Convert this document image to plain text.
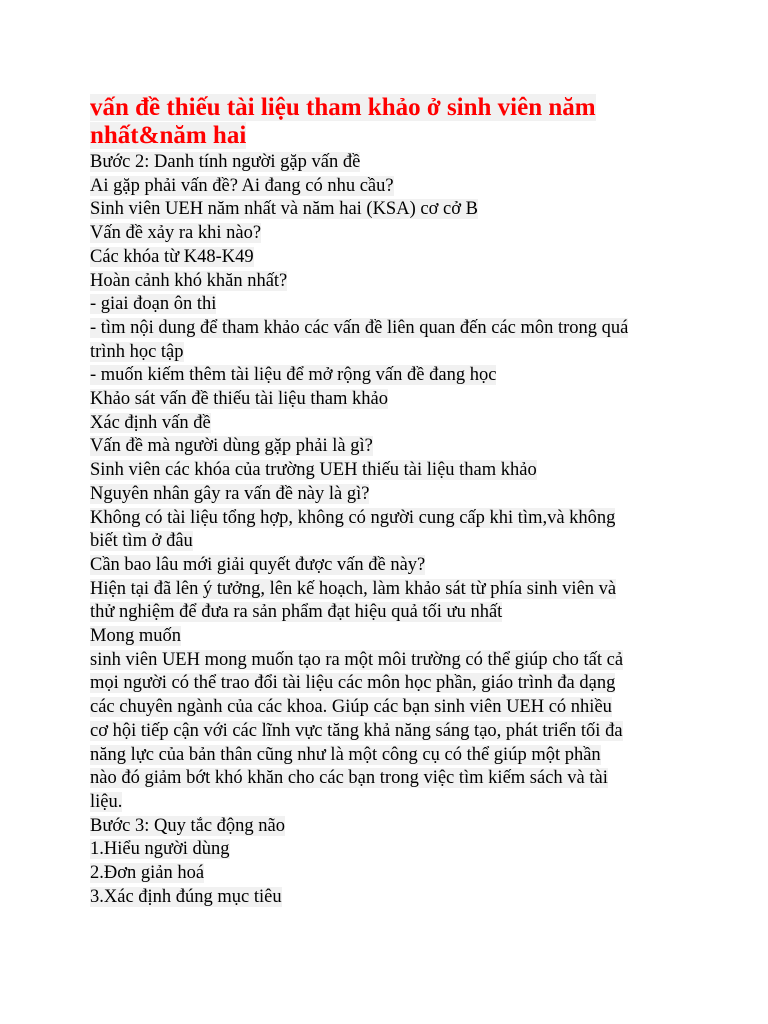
vấn đề thiếu tài liệu tham khảo ở sinh viên năm
nhất&năm hai
Bước 2: Danh tính người gặp vấn đề
Ai gặp phải vấn đề? Ai đang có nhu cầu?
Sinh viên UEH năm nhất và năm hai (KSA) cơ cở B
Vấn đề xảy ra khi nào?
Các khóa từ K48-K49
Hoàn cảnh khó khăn nhất?
- giai đoạn ôn thi
- tìm nội dung để tham khảo các vấn đề liên quan đến các môn trong quá
trình học tập
- muốn kiếm thêm tài liệu để mở rộng vấn đề đang học
Khảo sát vấn đề thiếu tài liệu tham khảo
Xác định vấn đề
Vấn đề mà người dùng gặp phải là gì?
Sinh viên các khóa của trường UEH thiếu tài liệu tham khảo
Nguyên nhân gây ra vấn đề này là gì?
Không có tài liệu tổng hợp, không có người cung cấp khi tìm,và không
biết tìm ở đâu
Cần bao lâu mới giải quyết được vấn đề này?
Hiện tại đã lên ý tưởng, lên kế hoạch, làm khảo sát từ phía sinh viên và
thử nghiệm để đưa ra sản phẩm đạt hiệu quả tối ưu nhất
Mong muốn
sinh viên UEH mong muốn tạo ra một môi trường có thể giúp cho tất cả
mọi người có thể trao đổi tài liệu các môn học phần, giáo trình đa dạng
các chuyên ngành của các khoa. Giúp các bạn sinh viên UEH có nhiều
cơ hội tiếp cận với các lĩnh vực tăng khả năng sáng tạo, phát triển tối đa
năng lực của bản thân cũng như là một công cụ có thể giúp một phần
nào đó giảm bớt khó khăn cho các bạn trong việc tìm kiếm sách và tài
liệu.
Bước 3: Quy tắc động não
1.Hiểu người dùng
2.Đơn giản hoá
3.Xác định đúng mục tiêu
